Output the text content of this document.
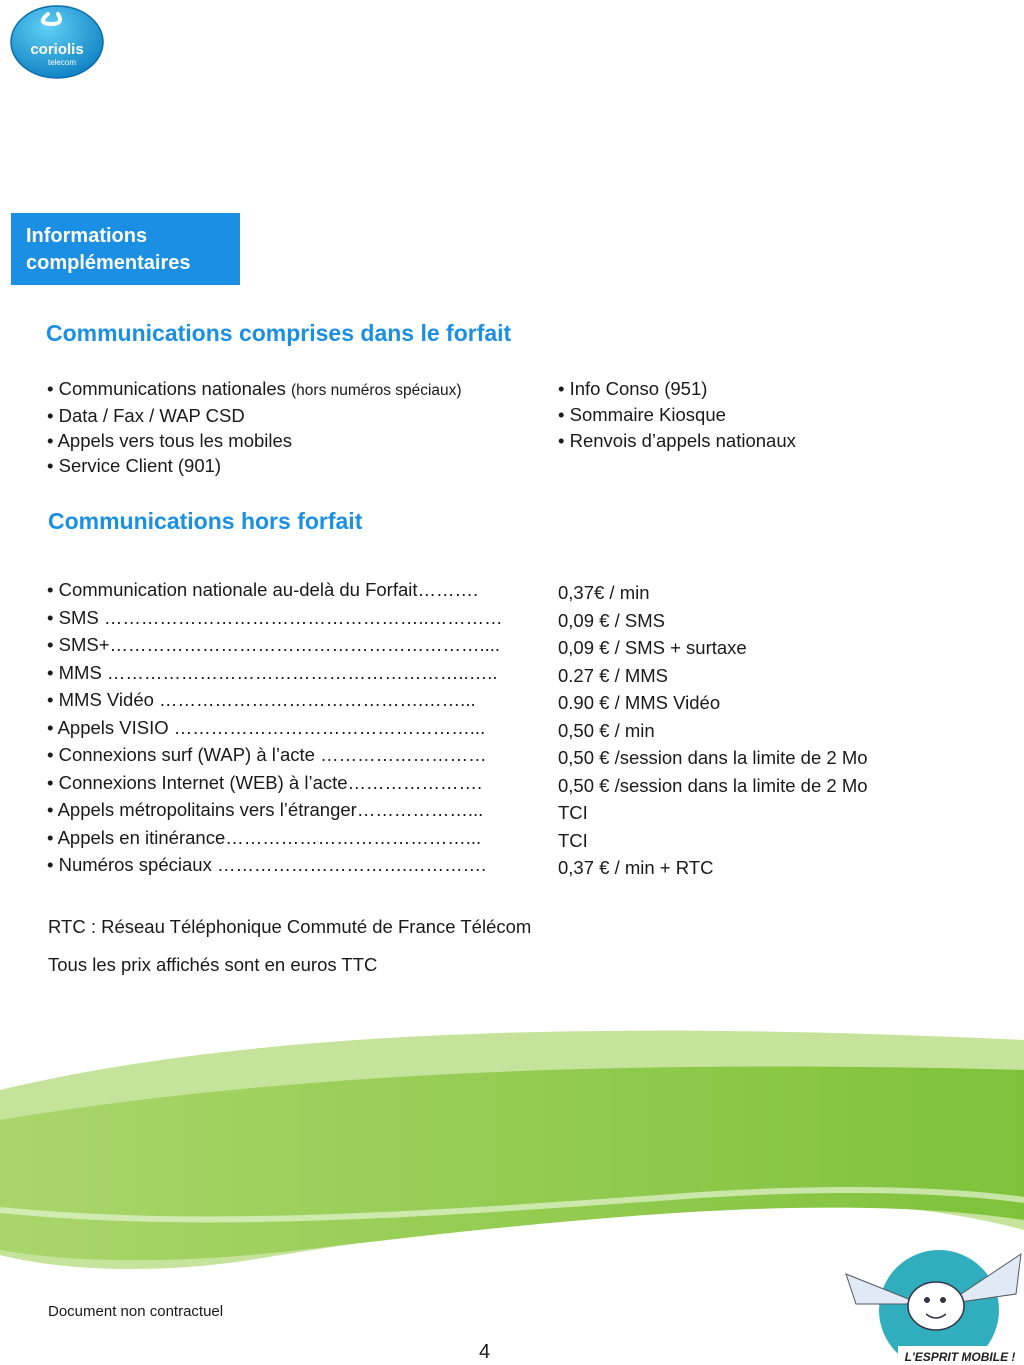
coriolis
telecom
Informations
complémentaires
Communications comprises dans le forfait
• Communications nationales (hors numéros spéciaux)
• Data / Fax / WAP CSD
• Appels vers tous les mobiles
• Service Client (901)
• Info Conso (951)
• Sommaire Kiosque
• Renvois d’appels nationaux
Communications hors forfait
• Communication nationale au-delà du Forfait……….
• SMS ……………………………………………..…………
• SMS+……………………………………………………....
• MMS …………………………………………………..…..
• MMS Vidéo …………………………………….……...
• Appels VISIO …………………………………………...
• Connexions surf (WAP) à l’acte ………………………
• Connexions Internet (WEB) à l’acte………………….
• Appels métropolitains vers l’étranger………………...
• Appels en itinérance…………………………………...
• Numéros spéciaux ………………………….………….
0,37€ / min
0,09 € / SMS
0,09 € / SMS + surtaxe
0.27 € / MMS
0.90 € / MMS Vidéo
0,50 € / min
0,50 € /session dans la limite de 2 Mo
0,50 € /session dans la limite de 2 Mo
TCI
TCI
0,37 € / min + RTC
RTC : Réseau Téléphonique Commuté de France Télécom
Tous les prix affichés sont en euros TTC
L'ESPRIT MOBILE !
Document non contractuel
4
